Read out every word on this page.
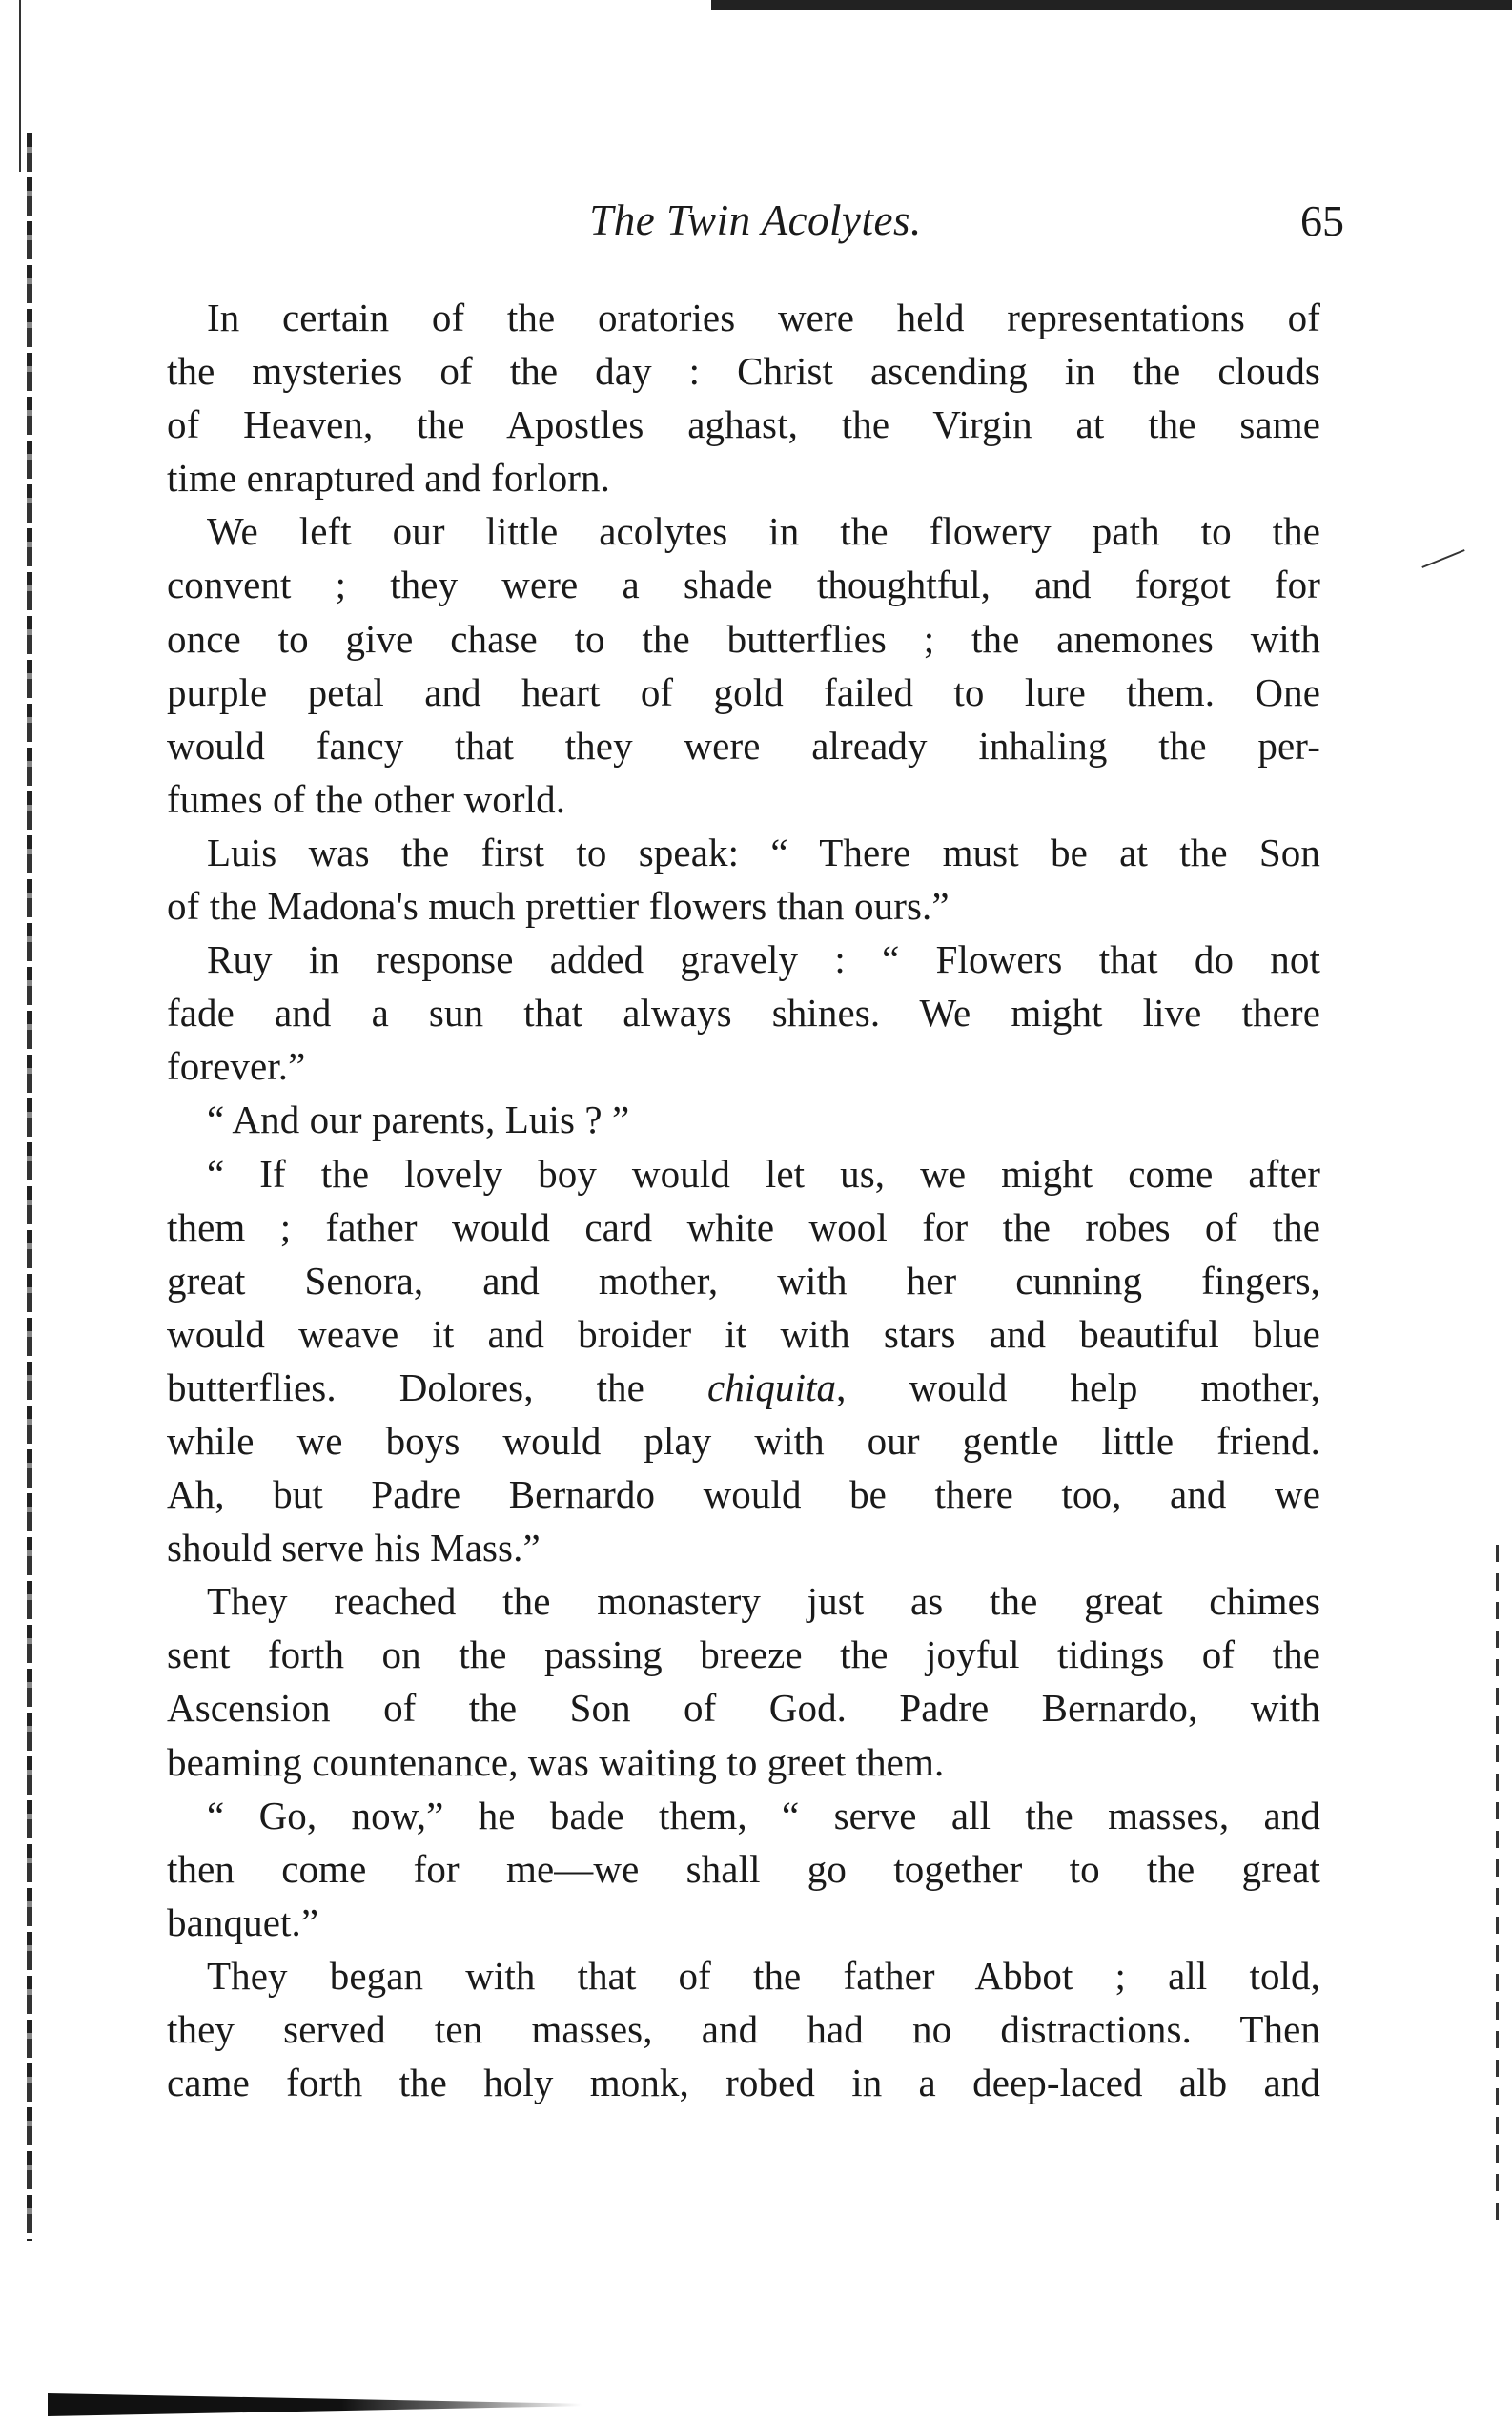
The Twin Acolytes.	65
In certain of the oratories were held representations of
the mysteries of the day : Christ ascending in the clouds
of Heaven, the Apostles aghast, the Virgin at the same
time enraptured and forlorn.
We left our little acolytes in the flowery path to the
convent ; they were a shade thoughtful, and forgot for
once to give chase to the butterflies ; the anemones with
purple petal and heart of gold failed to lure them. One
would fancy that they were already inhaling the per-
fumes of the other world.
Luis was the first to speak: “ There must be at the Son
of the Madona's much prettier flowers than ours.”
Ruy in response added gravely : “ Flowers that do not
fade and a sun that always shines. We might live there
forever.”
“ And our parents, Luis ? ”
“ If the lovely boy would let us, we might come after
them ; father would card white wool for the robes of the
great Senora, and mother, with her cunning fingers,
would weave it and broider it with stars and beautiful blue
butterflies. Dolores, the chiquita, would help mother,
while we boys would play with our gentle little friend.
Ah, but Padre Bernardo would be there too, and we
should serve his Mass.”
They reached the monastery just as the great chimes
sent forth on the passing breeze the joyful tidings of the
Ascension of the Son of God. Padre Bernardo, with
beaming countenance, was waiting to greet them.
“ Go, now,” he bade them, “ serve all the masses, and
then come for me—we shall go together to the great
banquet.”
They began with that of the father Abbot ; all told,
they served ten masses, and had no distractions. Then
came forth the holy monk, robed in a deep-laced alb and
